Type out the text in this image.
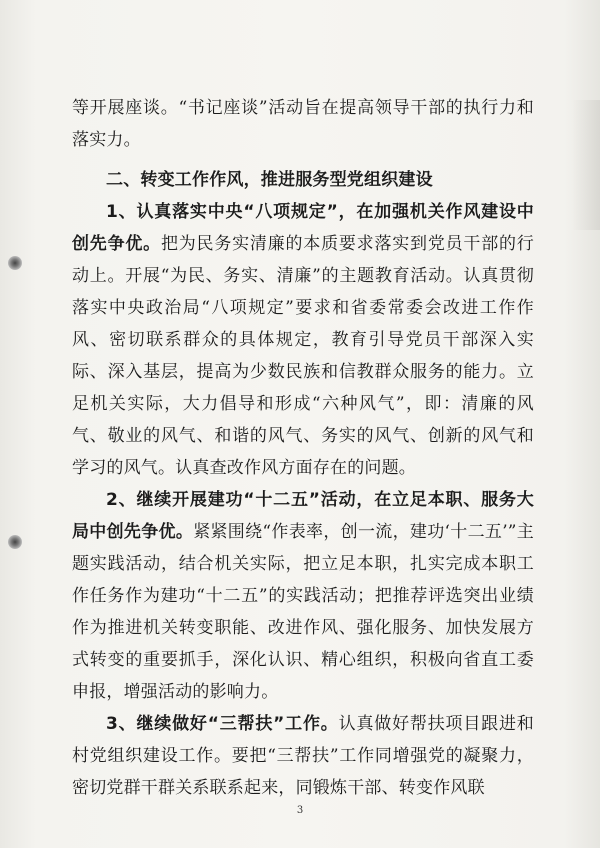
等开展座谈。“书记座谈”活动旨在提高领导干部的执行力和落实力。

二、转变工作作风，推进服务型党组织建设

1、认真落实中央“八项规定”，在加强机关作风建设中创先争优。把为民务实清廉的本质要求落实到党员干部的行动上。开展“为民、务实、清廉”的主题教育活动。认真贯彻落实中央政治局“八项规定”要求和省委常委会改进工作作风、密切联系群众的具体规定，教育引导党员干部深入实际、深入基层，提高为少数民族和信教群众服务的能力。立足机关实际，大力倡导和形成“六种风气”，即：清廉的风气、敬业的风气、和谐的风气、务实的风气、创新的风气和学习的风气。认真查改作风方面存在的问题。

2、继续开展建功“十二五”活动，在立足本职、服务大局中创先争优。紧紧围绕“作表率，创一流，建功‘十二五’”主题实践活动，结合机关实际，把立足本职，扎实完成本职工作任务作为建功“十二五”的实践活动；把推荐评选突出业绩作为推进机关转变职能、改进作风、强化服务、加快发展方式转变的重要抓手，深化认识、精心组织，积极向省直工委申报，增强活动的影响力。

3、继续做好“三帮扶”工作。认真做好帮扶项目跟进和村党组织建设工作。要把“三帮扶”工作同增强党的凝聚力，密切党群干群关系联系起来，同锻炼干部、转变作风联

3
